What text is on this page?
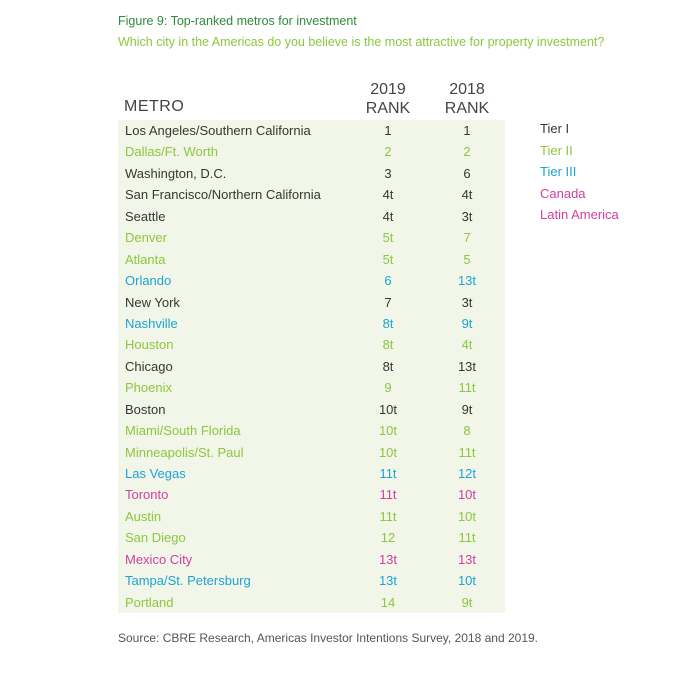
Figure 9: Top-ranked metros for investment
Which city in the Americas do you believe is the most attractive for property investment?
METRO
2019
RANK
2018
RANK
Los Angeles/Southern California	1	1
Dallas/Ft. Worth	2	2
Washington, D.C.	3	6
San Francisco/Northern California	4t	4t
Seattle	4t	3t
Denver	5t	7
Atlanta	5t	5
Orlando	6	13t
New York	7	3t
Nashville	8t	9t
Houston	8t	4t
Chicago	8t	13t
Phoenix	9	11t
Boston	10t	9t
Miami/South Florida	10t	8
Minneapolis/St. Paul	10t	11t
Las Vegas	11t	12t
Toronto	11t	10t
Austin	11t	10t
San Diego	12	11t
Mexico City	13t	13t
Tampa/St. Petersburg	13t	10t
Portland	14	9t
Tier I
Tier II
Tier III
Canada
Latin America
Source: CBRE Research, Americas Investor Intentions Survey, 2018 and 2019.
